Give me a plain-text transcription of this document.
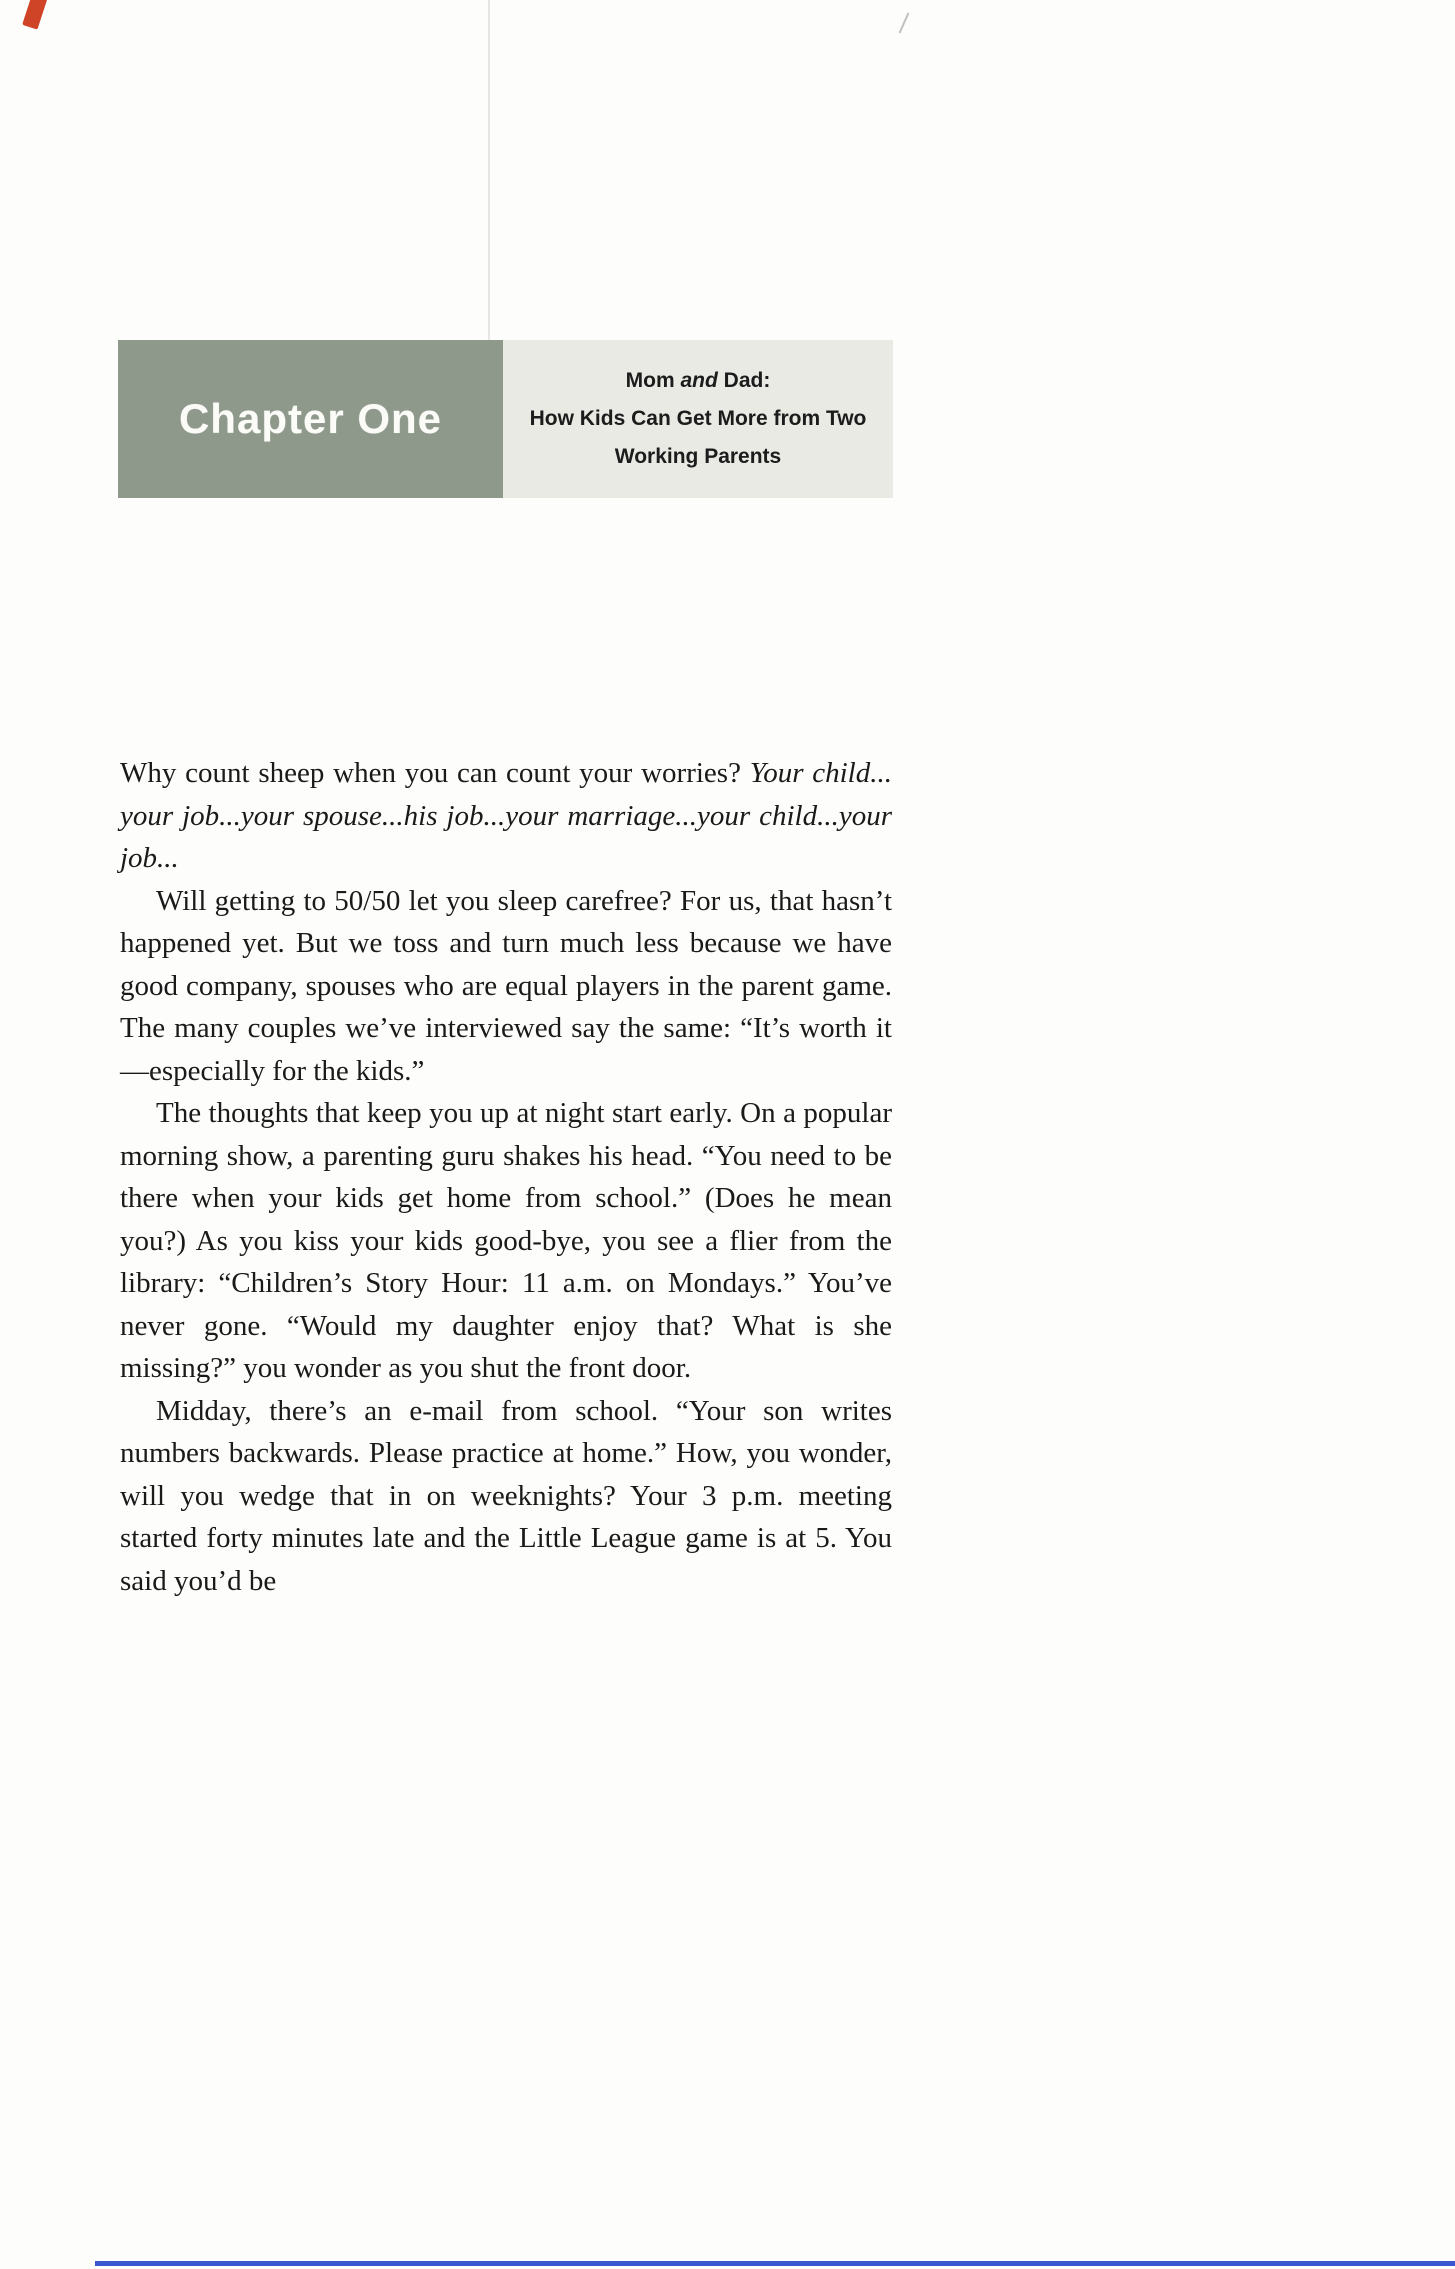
Chapter One
Mom and Dad:
How Kids Can Get More from Two
Working Parents

Why count sheep when you can count your worries? Your child... your job...your spouse...his job...your marriage...your child...your job...

Will getting to 50/50 let you sleep carefree? For us, that hasn’t happened yet. But we toss and turn much less because we have good company, spouses who are equal players in the parent game. The many couples we’ve interviewed say the same: “It’s worth it—especially for the kids.”

The thoughts that keep you up at night start early. On a popular morning show, a parenting guru shakes his head. “You need to be there when your kids get home from school.” (Does he mean you?) As you kiss your kids good-bye, you see a flier from the library: “Children’s Story Hour: 11 a.m. on Mondays.” You’ve never gone. “Would my daughter enjoy that? What is she missing?” you wonder as you shut the front door.

Midday, there’s an e-mail from school. “Your son writes numbers backwards. Please practice at home.” How, you wonder, will you wedge that in on weeknights? Your 3 p.m. meeting started forty minutes late and the Little League game is at 5. You said you’d be
